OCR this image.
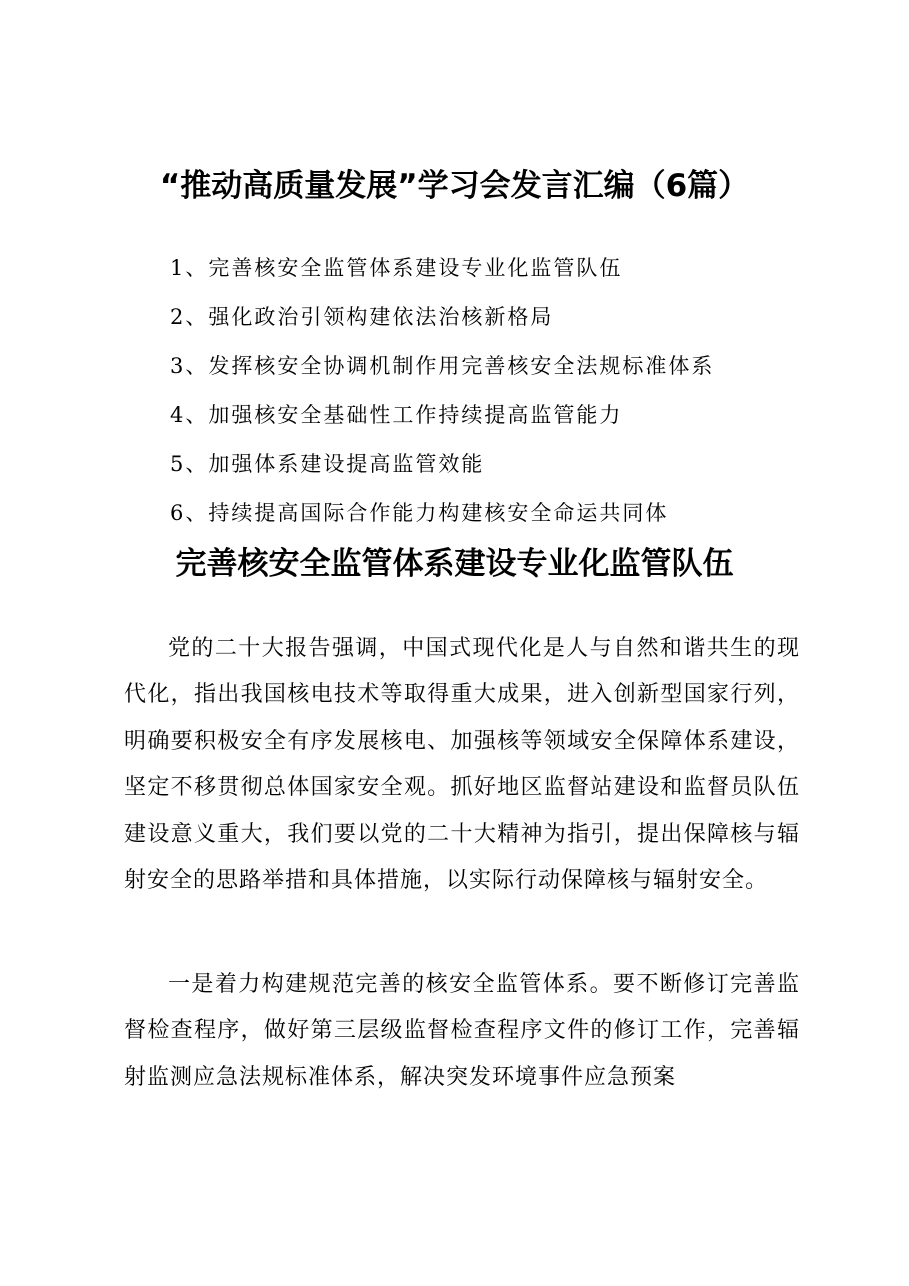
“推动高质量发展”学习会发言汇编（6篇）
1、完善核安全监管体系建设专业化监管队伍
2、强化政治引领构建依法治核新格局
3、发挥核安全协调机制作用完善核安全法规标准体系
4、加强核安全基础性工作持续提高监管能力
5、加强体系建设提高监管效能
6、持续提高国际合作能力构建核安全命运共同体
完善核安全监管体系建设专业化监管队伍

党的二十大报告强调，中国式现代化是人与自然和谐共生的现代化，指出我国核电技术等取得重大成果，进入创新型国家行列，明确要积极安全有序发展核电、加强核等领域安全保障体系建设，坚定不移贯彻总体国家安全观。抓好地区监督站建设和监督员队伍建设意义重大，我们要以党的二十大精神为指引，提出保障核与辐射安全的思路举措和具体措施，以实际行动保障核与辐射安全。

一是着力构建规范完善的核安全监管体系。要不断修订完善监督检查程序，做好第三层级监督检查程序文件的修订工作，完善辐射监测应急法规标准体系，解决突发环境事件应急预案
